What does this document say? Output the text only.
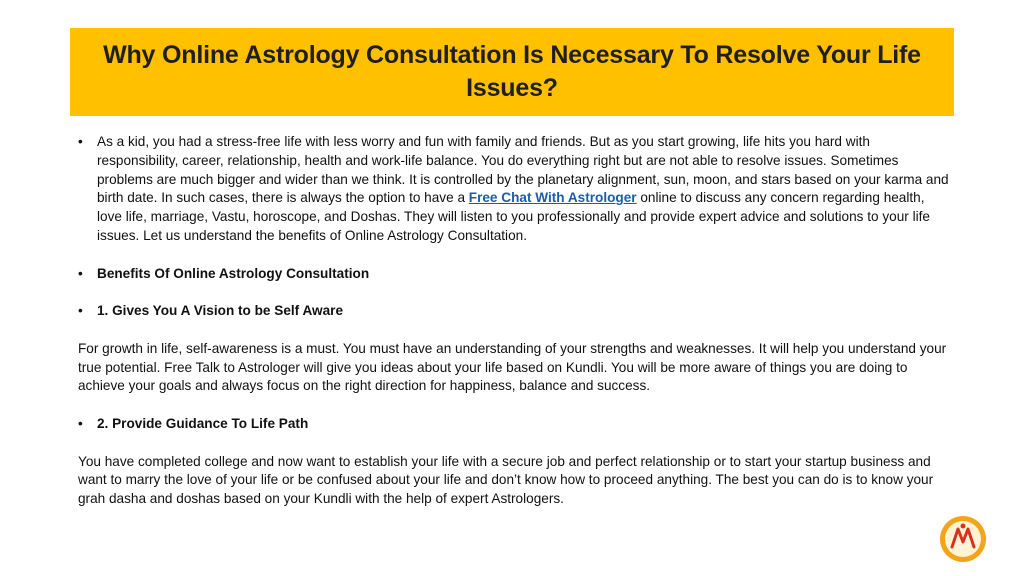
Why Online Astrology Consultation Is Necessary To Resolve Your Life Issues?

•	As a kid, you had a stress-free life with less worry and fun with family and friends. But as you start growing, life hits you hard with responsibility, career, relationship, health and work-life balance. You do everything right but are not able to resolve issues. Sometimes problems are much bigger and wider than we think. It is controlled by the planetary alignment, sun, moon, and stars based on your karma and birth date. In such cases, there is always the option to have a Free Chat With Astrologer online to discuss any concern regarding health, love life, marriage, Vastu, horoscope, and Doshas. They will listen to you professionally and provide expert advice and solutions to your life issues. Let us understand the benefits of Online Astrology Consultation.

•	Benefits Of Online Astrology Consultation

•	1. Gives You A Vision to be Self Aware

For growth in life, self-awareness is a must. You must have an understanding of your strengths and weaknesses. It will help you understand your true potential. Free Talk to Astrologer will give you ideas about your life based on Kundli. You will be more aware of things you are doing to achieve your goals and always focus on the right direction for happiness, balance and success.

•	2. Provide Guidance To Life Path

You have completed college and now want to establish your life with a secure job and perfect relationship or to start your startup business and want to marry the love of your life or be confused about your life and don’t know how to proceed anything. The best you can do is to know your grah dasha and doshas based on your Kundli with the help of expert Astrologers.
